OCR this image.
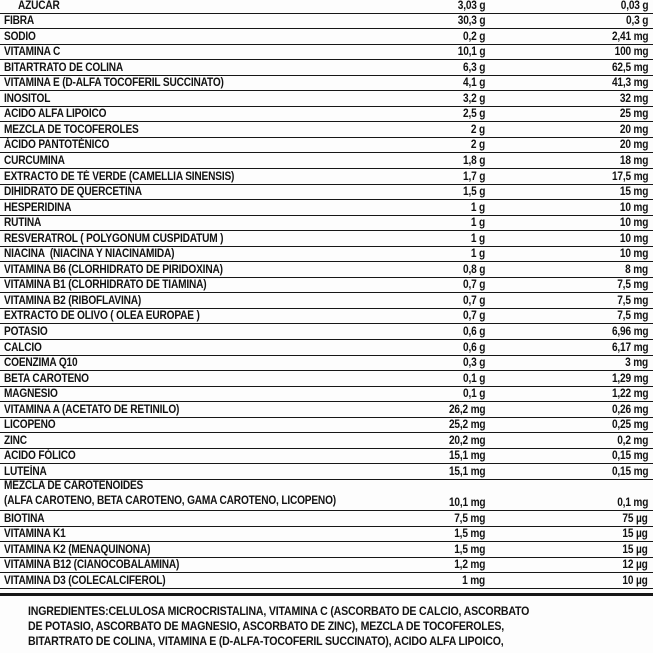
AZUCAR	3,03 g	0,03 g
FIBRA	30,3 g	0,3 g
SODIO	0,2 g	2,41 mg
VITAMINA C	10,1 g	100 mg
BITARTRATO DE COLINA	6,3 g	62,5 mg
VITAMINA E (D-ALFA TOCOFERIL SUCCINATO)	4,1 g	41,3 mg
INOSITOL	3,2 g	32 mg
ACIDO ALFA LIPOICO	2,5 g	25 mg
MEZCLA DE TOCOFEROLES	2 g	20 mg
ÁCIDO PANTOTÉNICO	2 g	20 mg
CURCUMINA	1,8 g	18 mg
EXTRACTO DE TÉ VERDE (CAMELLIA SINENSIS)	1,7 g	17,5 mg
DIHIDRATO DE QUERCETINA	1,5 g	15 mg
HESPERIDINA	1 g	10 mg
RUTINA	1 g	10 mg
RESVERATROL ( POLYGONUM CUSPIDATUM )	1 g	10 mg
NIACINA  (NIACINA Y NIACINAMIDA)	1 g	10 mg
VITAMINA B6 (CLORHIDRATO DE PIRIDOXINA)	0,8 g	8 mg
VITAMINA B1 (CLORHIDRATO DE TIAMINA)	0,7 g	7,5 mg
VITAMINA B2 (RIBOFLAVINA)	0,7 g	7,5 mg
EXTRACTO DE OLIVO ( OLEA EUROPAE )	0,7 g	7,5 mg
POTASIO	0,6 g	6,96 mg
CALCIO	0,6 g	6,17 mg
COENZIMA Q10	0,3 g	3 mg
BETA CAROTENO	0,1 g	1,29 mg
MAGNESIO	0,1 g	1,22 mg
VITAMINA A (ACETATO DE RETINILO)	26,2 mg	0,26 mg
LICOPENO	25,2 mg	0,25 mg
ZINC	20,2 mg	0,2 mg
ACIDO FÓLICO	15,1 mg	0,15 mg
LUTEÍNA	15,1 mg	0,15 mg
MEZCLA DE CAROTENOIDES
(ALFA CAROTENO, BETA CAROTENO, GAMA CAROTENO, LICOPENO)	10,1 mg	0,1 mg
BIOTINA	7,5 mg	75 µg
VITAMINA K1	1,5 mg	15 µg
VITAMINA K2 (MENAQUINONA)	1,5 mg	15 µg
VITAMINA B12 (CIANOCOBALAMINA)	1,2 mg	12 µg
VITAMINA D3 (COLECALCIFEROL)	1 mg	10 µg
INGREDIENTES:CELULOSA MICROCRISTALINA, VITAMINA C (ASCORBATO DE CALCIO, ASCORBATO
DE POTASIO, ASCORBATO DE MAGNESIO, ASCORBATO DE ZINC), MEZCLA DE TOCOFEROLES,
BITARTRATO DE COLINA, VITAMINA E (D-ALFA-TOCOFERIL SUCCINATO), ACIDO ALFA LIPOICO,
